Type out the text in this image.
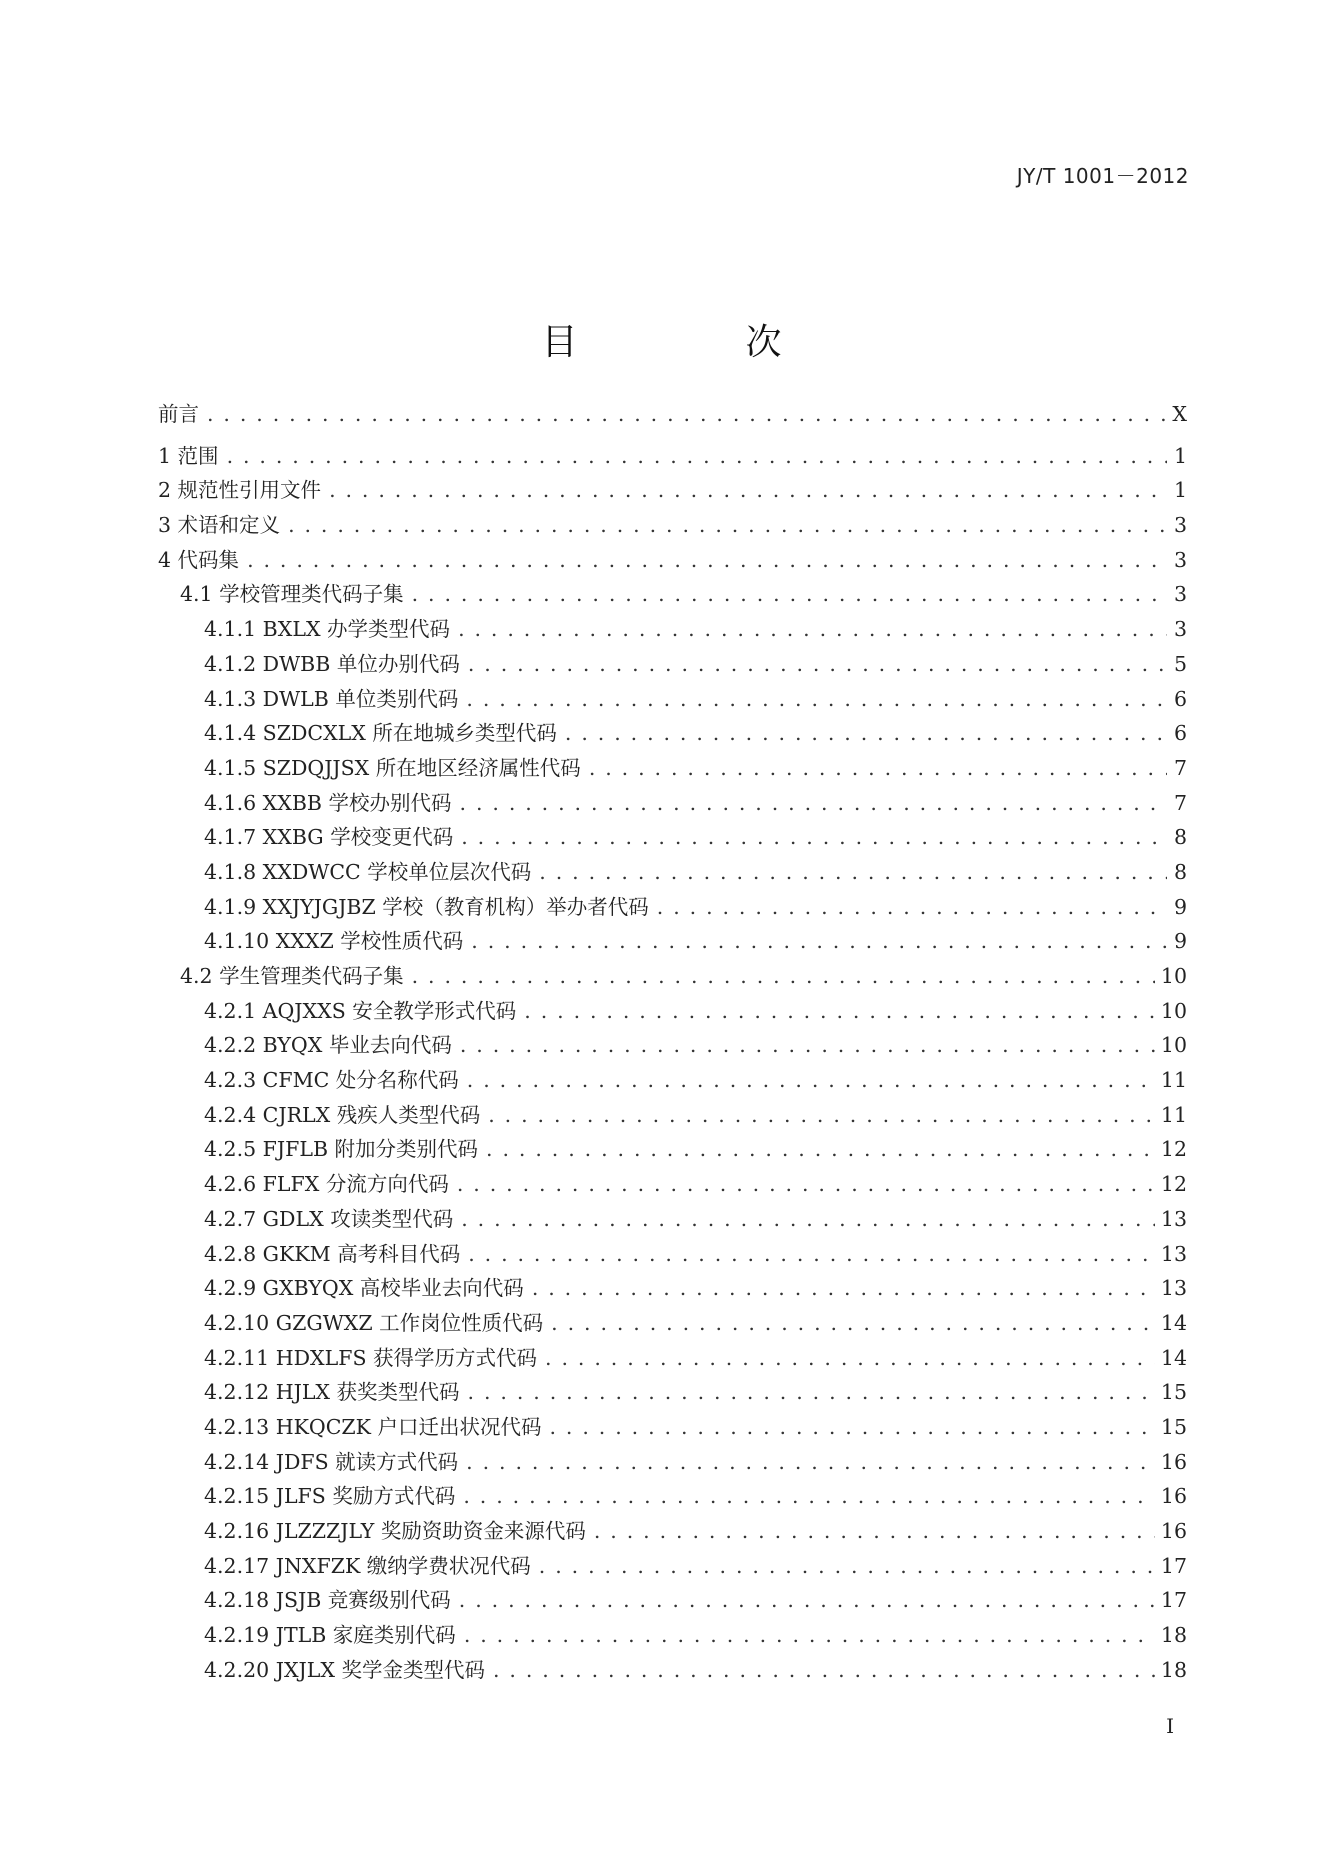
JY/T 1001－2012
目　次
前言 . . .	X
1 范围 . . .	1
2 规范性引用文件 . . .	1
3 术语和定义 . . .	3
4 代码集 . . .	3
4.1 学校管理类代码子集 . . .	3
4.1.1 BXLX 办学类型代码 . . .	3
4.1.2 DWBB 单位办别代码 . . .	5
4.1.3 DWLB 单位类别代码 . . .	6
4.1.4 SZDCXLX 所在地城乡类型代码 . . .	6
4.1.5 SZDQJJSX 所在地区经济属性代码 . . .	7
4.1.6 XXBB 学校办别代码 . . .	7
4.1.7 XXBG 学校变更代码 . . .	8
4.1.8 XXDWCC 学校单位层次代码 . . .	8
4.1.9 XXJYJGJBZ 学校（教育机构）举办者代码 . . .	9
4.1.10 XXXZ 学校性质代码 . . .	9
4.2 学生管理类代码子集 . . .	10
4.2.1 AQJXXS 安全教学形式代码 . . .	10
4.2.2 BYQX 毕业去向代码 . . .	10
4.2.3 CFMC 处分名称代码 . . .	11
4.2.4 CJRLX 残疾人类型代码 . . .	11
4.2.5 FJFLB 附加分类别代码 . . .	12
4.2.6 FLFX 分流方向代码 . . .	12
4.2.7 GDLX 攻读类型代码 . . .	13
4.2.8 GKKM 高考科目代码 . . .	13
4.2.9 GXBYQX 高校毕业去向代码 . . .	13
4.2.10 GZGWXZ 工作岗位性质代码 . . .	14
4.2.11 HDXLFS 获得学历方式代码 . . .	14
4.2.12 HJLX 获奖类型代码 . . .	15
4.2.13 HKQCZK 户口迁出状况代码 . . .	15
4.2.14 JDFS 就读方式代码 . . .	16
4.2.15 JLFS 奖励方式代码 . . .	16
4.2.16 JLZZZJLY 奖励资助资金来源代码 . . .	16
4.2.17 JNXFZK 缴纳学费状况代码 . . .	17
4.2.18 JSJB 竞赛级别代码 . . .	17
4.2.19 JTLB 家庭类别代码 . . .	18
4.2.20 JXJLX 奖学金类型代码 . . .	18
I
